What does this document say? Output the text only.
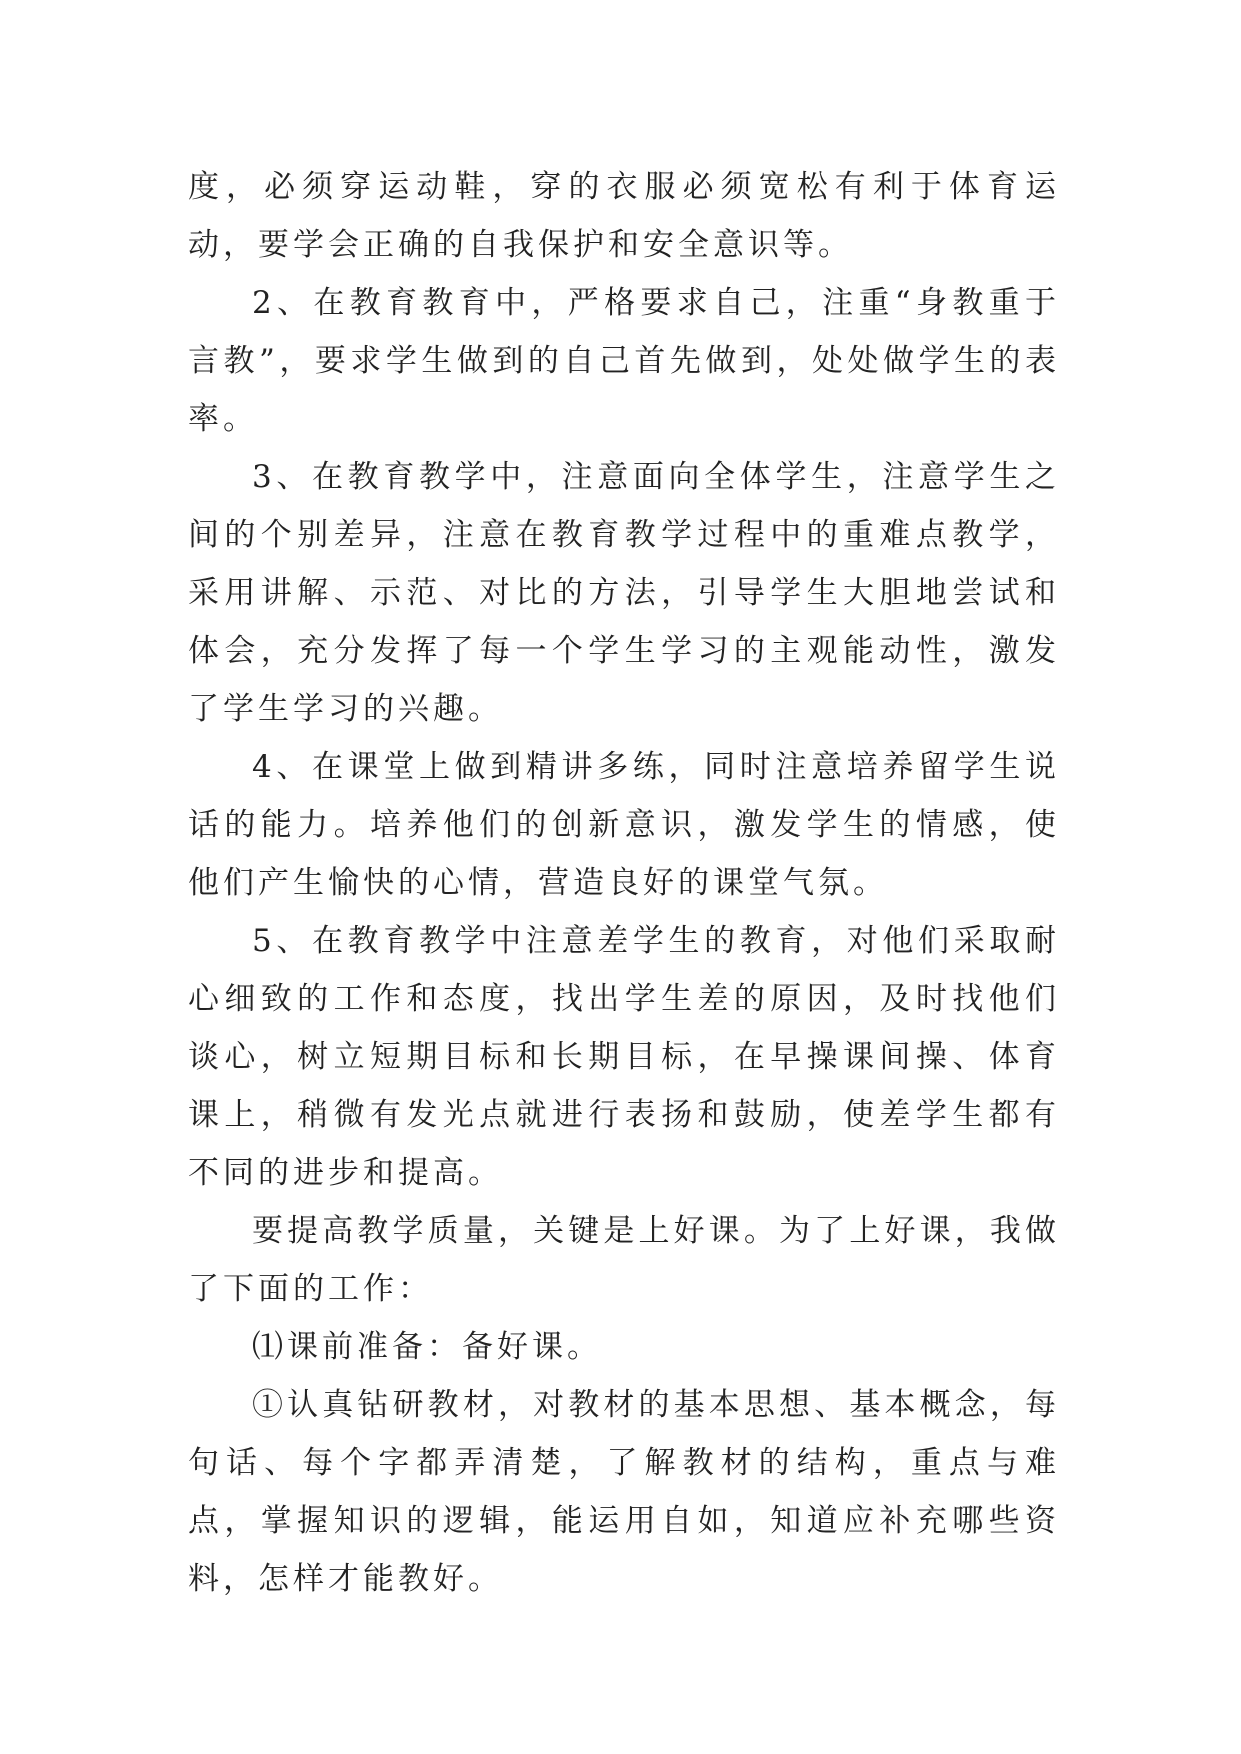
度，必须穿运动鞋，穿的衣服必须宽松有利于体育运动，要学会正确的自我保护和安全意识等。

2、在教育教育中，严格要求自己，注重“身教重于言教”，要求学生做到的自己首先做到，处处做学生的表率。

3、在教育教学中，注意面向全体学生，注意学生之间的个别差异，注意在教育教学过程中的重难点教学，采用讲解、示范、对比的方法，引导学生大胆地尝试和体会，充分发挥了每一个学生学习的主观能动性，激发了学生学习的兴趣。

4、在课堂上做到精讲多练，同时注意培养留学生说话的能力。培养他们的创新意识，激发学生的情感，使他们产生愉快的心情，营造良好的课堂气氛。

5、在教育教学中注意差学生的教育，对他们采取耐心细致的工作和态度，找出学生差的原因，及时找他们谈心，树立短期目标和长期目标，在早操课间操、体育课上，稍微有发光点就进行表扬和鼓励，使差学生都有不同的进步和提高。

要提高教学质量，关键是上好课。为了上好课，我做了下面的工作：

⑴课前准备：备好课。

①认真钻研教材，对教材的基本思想、基本概念，每句话、每个字都弄清楚，了解教材的结构，重点与难点，掌握知识的逻辑，能运用自如，知道应补充哪些资料，怎样才能教好。
